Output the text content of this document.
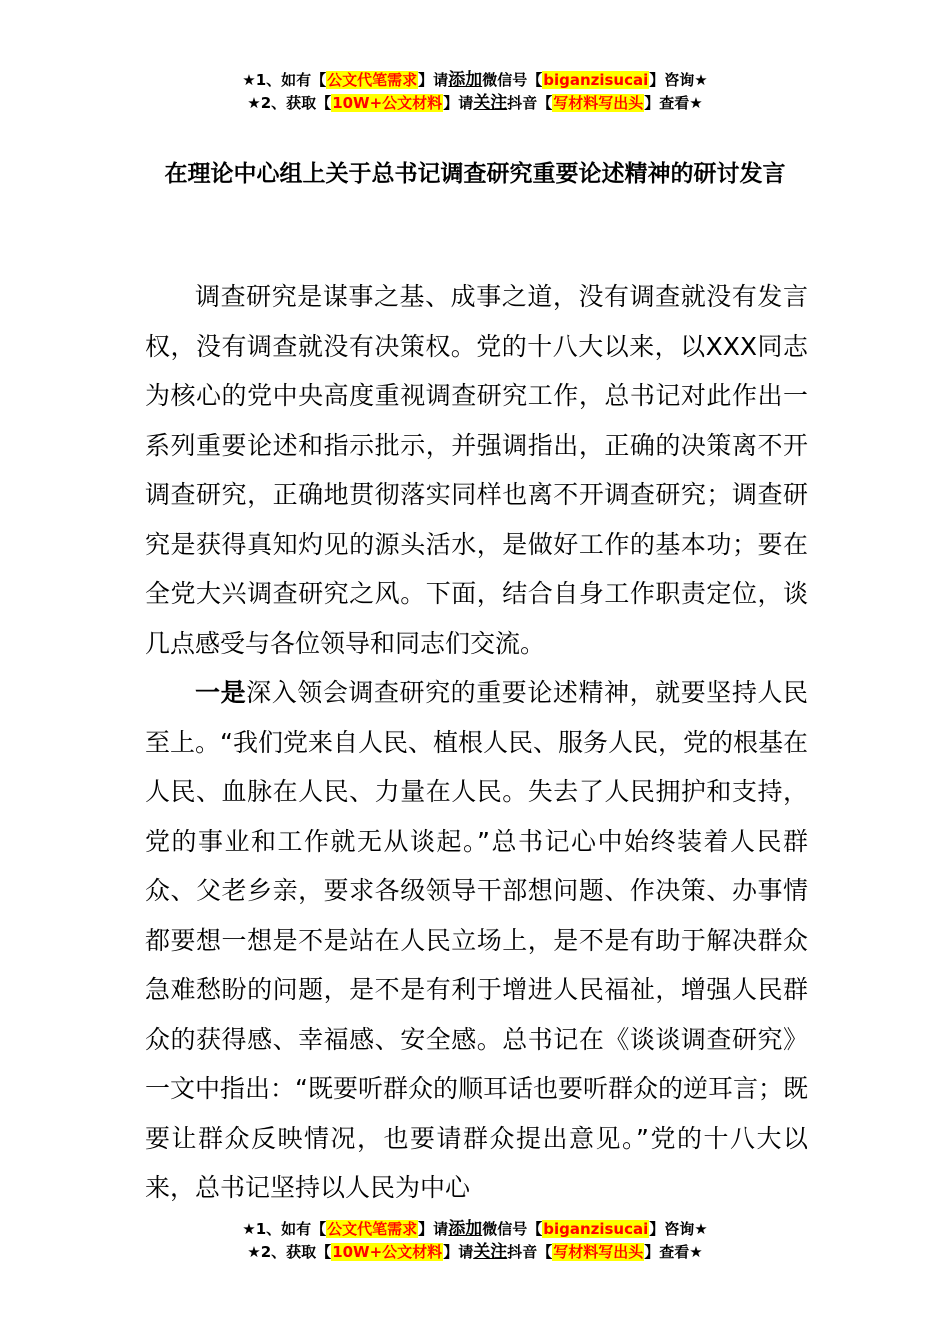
★1、如有【公文代笔需求】请添加微信号【biganzisucai】咨询★
★2、获取【10W+公文材料】请关注抖音【写材料写出头】查看★
在理论中心组上关于总书记调查研究重要论述精神的研讨发言

调查研究是谋事之基、成事之道，没有调查就没有发言权，没有调查就没有决策权。党的十八大以来，以XXX同志为核心的党中央高度重视调查研究工作，总书记对此作出一系列重要论述和指示批示，并强调指出，正确的决策离不开调查研究，正确地贯彻落实同样也离不开调查研究；调查研究是获得真知灼见的源头活水，是做好工作的基本功；要在全党大兴调查研究之风。下面，结合自身工作职责定位，谈几点感受与各位领导和同志们交流。

一是深入领会调查研究的重要论述精神，就要坚持人民至上。“我们党来自人民、植根人民、服务人民，党的根基在人民、血脉在人民、力量在人民。失去了人民拥护和支持，党的事业和工作就无从谈起。”总书记心中始终装着人民群众、父老乡亲，要求各级领导干部想问题、作决策、办事情都要想一想是不是站在人民立场上，是不是有助于解决群众急难愁盼的问题，是不是有利于增进人民福祉，增强人民群众的获得感、幸福感、安全感。总书记在《谈谈调查研究》一文中指出：“既要听群众的顺耳话也要听群众的逆耳言；既要让群众反映情况，也要请群众提出意见。”党的十八大以来，总书记坚持以人民为中心

★1、如有【公文代笔需求】请添加微信号【biganzisucai】咨询★
★2、获取【10W+公文材料】请关注抖音【写材料写出头】查看★
